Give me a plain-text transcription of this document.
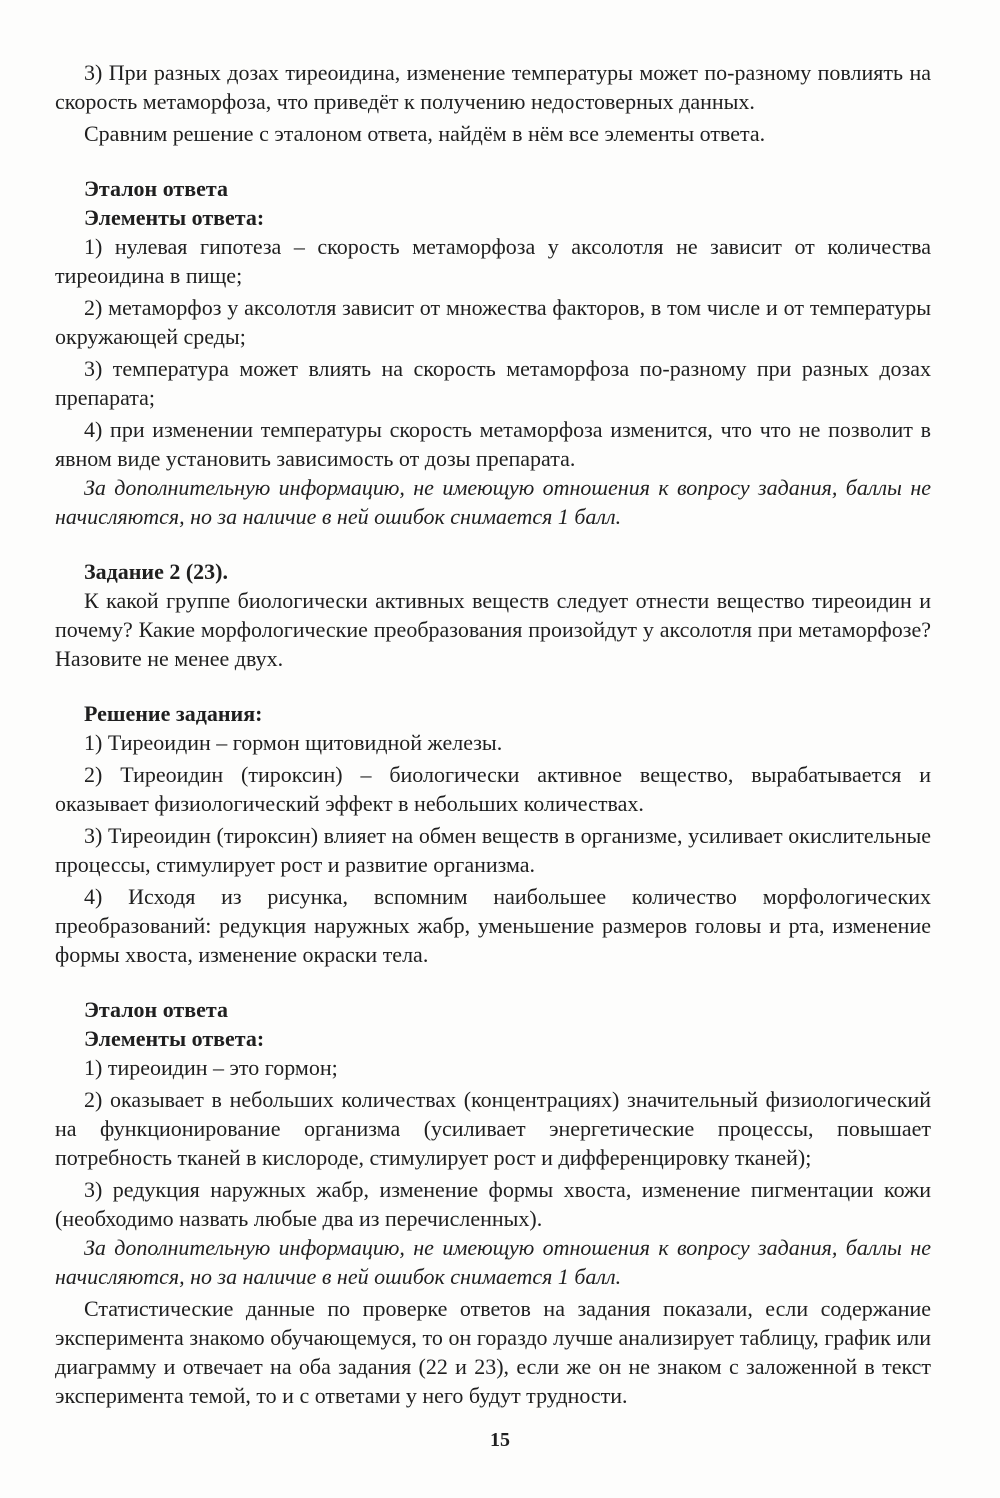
3) При разных дозах тиреоидина, изменение температуры может по-разному повлиять на скорость метаморфоза, что приведёт к получению недостоверных данных.

Сравним решение с эталоном ответа, найдём в нём все элементы ответа.

Эталон ответа

Элементы ответа:

1) нулевая гипотеза – скорость метаморфоза у аксолотля не зависит от количества тиреоидина в пище;

2) метаморфоз у аксолотля зависит от множества факторов, в том числе и от температуры окружающей среды;

3) температура может влиять на скорость метаморфоза по-разному при разных дозах препарата;

4) при изменении температуры скорость метаморфоза изменится, что что не позволит в явном виде установить зависимость от дозы препарата.

За дополнительную информацию, не имеющую отношения к вопросу задания, баллы не начисляются, но за наличие в ней ошибок снимается 1 балл.

Задание 2 (23).

К какой группе биологически активных веществ следует отнести вещество тиреоидин и почему? Какие морфологические преобразования произойдут у аксолотля при метаморфозе? Назовите не менее двух.

Решение задания:

1) Тиреоидин – гормон щитовидной железы.

2) Тиреоидин (тироксин) – биологически активное вещество, вырабатывается и оказывает физиологический эффект в небольших количествах.

3) Тиреоидин (тироксин) влияет на обмен веществ в организме, усиливает окислительные процессы, стимулирует рост и развитие организма.

4) Исходя из рисунка, вспомним наибольшее количество морфологических преобразований: редукция наружных жабр, уменьшение размеров головы и рта, изменение формы хвоста, изменение окраски тела.

Эталон ответа

Элементы ответа:

1) тиреоидин – это гормон;

2) оказывает в небольших количествах (концентрациях) значительный физиологический на функционирование организма (усиливает энергетические процессы, повышает потребность тканей в кислороде, стимулирует рост и дифференцировку тканей);

3) редукция наружных жабр, изменение формы хвоста, изменение пигментации кожи (необходимо назвать любые два из перечисленных).

За дополнительную информацию, не имеющую отношения к вопросу задания, баллы не начисляются, но за наличие в ней ошибок снимается 1 балл.

Статистические данные по проверке ответов на задания показали, если содержание эксперимента знакомо обучающемуся, то он гораздо лучше анализирует таблицу, график или диаграмму и отвечает на оба задания (22 и 23), если же он не знаком с заложенной в текст эксперимента темой, то и с ответами у него будут трудности.

15
